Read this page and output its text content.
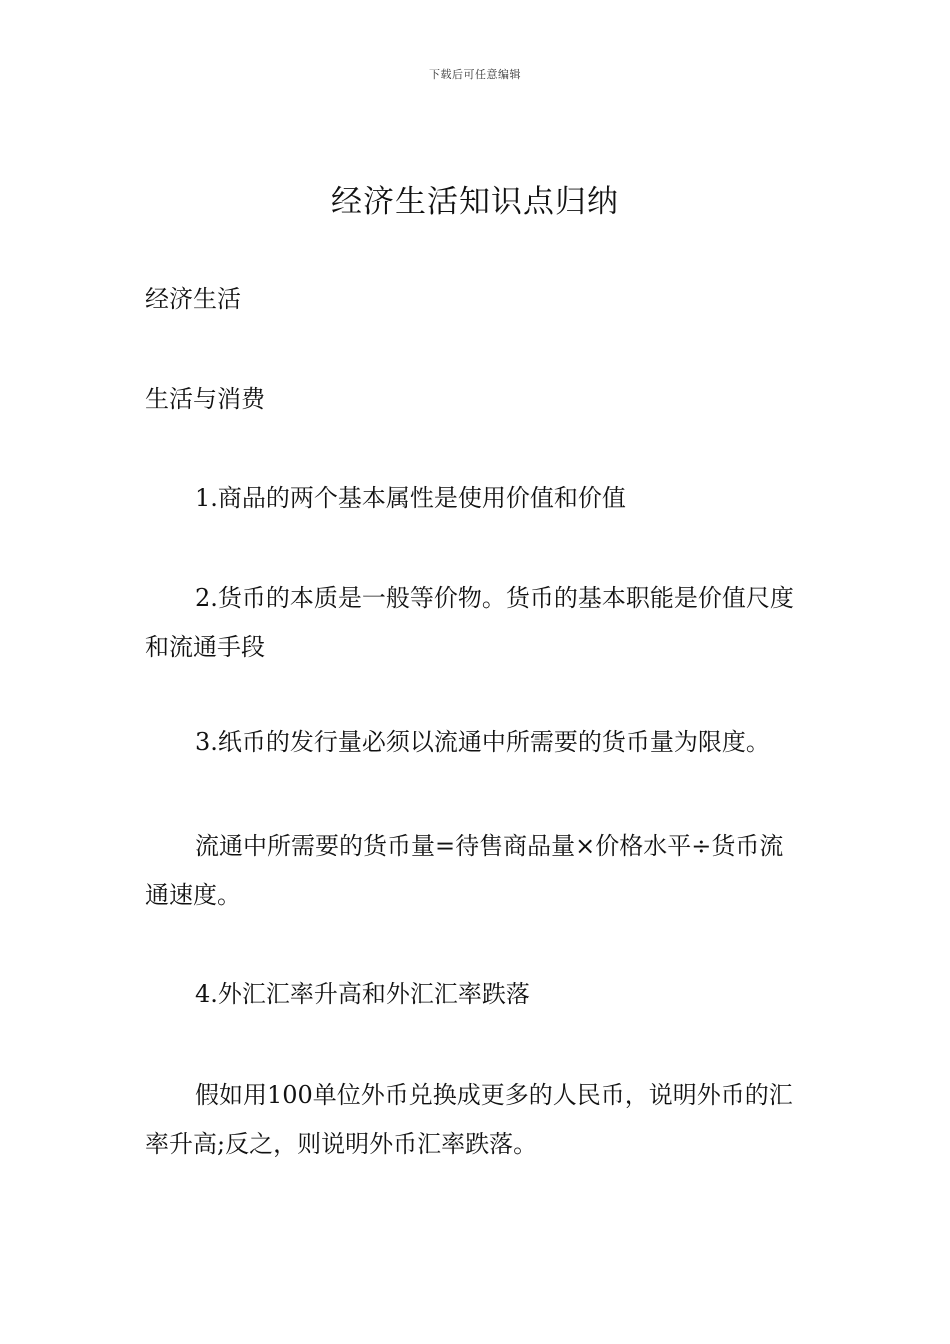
下载后可任意编辑
经济生活知识点归纳

经济生活

生活与消费

1.商品的两个基本属性是使用价值和价值

2.货币的本质是一般等价物。货币的基本职能是价值尺度和流通手段

3.纸币的发行量必须以流通中所需要的货币量为限度。

流通中所需要的货币量=待售商品量×价格水平÷货币流通速度。

4.外汇汇率升高和外汇汇率跌落

假如用100单位外币兑换成更多的人民币，说明外币的汇率升高;反之，则说明外币汇率跌落。
